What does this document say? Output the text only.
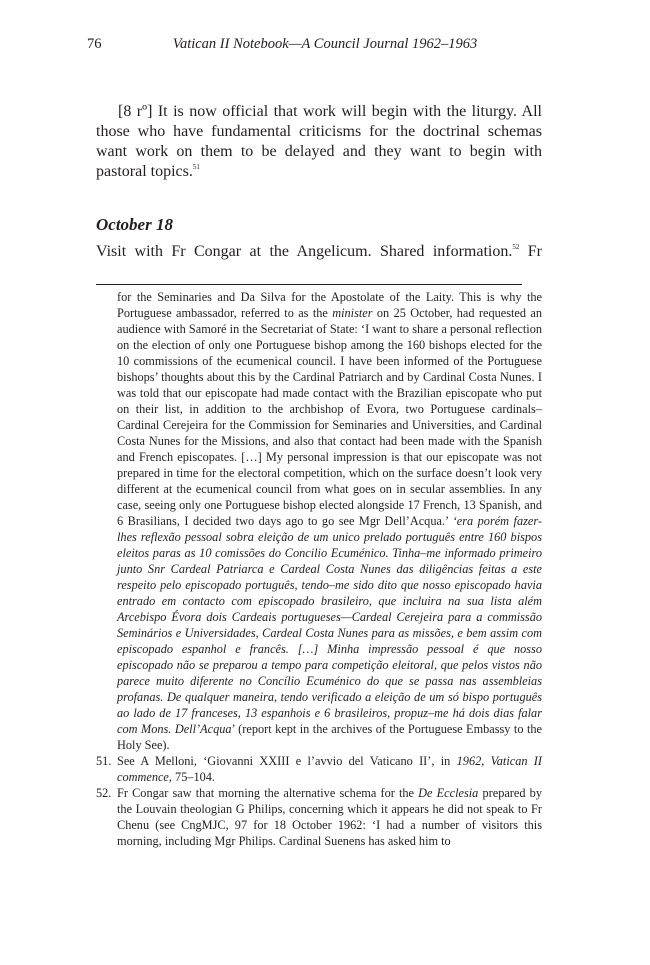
76	Vatican II Notebook—A Council Journal 1962–1963

[8 rº] It is now official that work will begin with the liturgy. All those who have fundamental criticisms for the doctrinal schemas want work on them to be delayed and they want to begin with pastoral topics.$^{51}$

October 18

Visit with Fr Congar at the Angelicum. Shared information.$^{52}$ Fr

for the Seminaries and Da Silva for the Apostolate of the Laity. This is why the Portuguese ambassador, referred to as the minister on 25 October, had requested an audience with Samoré in the Secretariat of State: ‘I want to share a personal reflection on the election of only one Portuguese bishop among the 160 bishops elected for the 10 commissions of the ecumenical council. I have been informed of the Portuguese bishops’ thoughts about this by the Cardinal Patriarch and by Cardinal Costa Nunes. I was told that our episcopate had made contact with the Brazilian episcopate who put on their list, in addition to the archbishop of Evora, two Portuguese cardinals–Cardinal Cerejeira for the Commission for Seminaries and Universities, and Cardinal Costa Nunes for the Missions, and also that contact had been made with the Spanish and French episcopates. […] My personal impression is that our episcopate was not prepared in time for the electoral competition, which on the surface doesn’t look very different at the ecumenical council from what goes on in secular assemblies. In any case, seeing only one Portuguese bishop elected alongside 17 French, 13 Spanish, and 6 Brasilians, I decided two days ago to go see Mgr Dell’Acqua.’ ‘era porém fazer-lhes reflexão pessoal sobra eleição de um unico prelado português entre 160 bispos eleitos paras as 10 comissões do Concilio Ecuménico. Tinha–me informado primeiro junto Snr Cardeal Patriarca e Cardeal Costa Nunes das diligências feitas a este respeito pelo episcopado português, tendo–me sido dito que nosso episcopado havia entrado em contacto com episcopado brasileiro, que incluira na sua lista além Arcebispo Évora dois Cardeais portugueses—Cardeal Cerejeira para a commissão Seminários e Universidades, Cardeal Costa Nunes para as missões, e bem assim com episcopado espanhol e francês. […] Minha impressão pessoal é que nosso episcopado não se preparou a tempo para competição eleitoral, que pelos vistos não parece muito diferente no Concílio Ecuménico do que se passa nas assembleias profanas. De qualquer maneira, tendo verificado a eleição de um só bispo português ao lado de 17 franceses, 13 espanhois e 6 brasileiros, propuz–me há dois dias falar com Mons. Dell’Acqua’ (report kept in the archives of the Portuguese Embassy to the Holy See).

51. See A Melloni, ‘Giovanni XXIII e l’avvio del Vaticano II’, in 1962, Vatican II commence, 75–104.

52. Fr Congar saw that morning the alternative schema for the De Ecclesia prepared by the Louvain theologian G Philips, concerning which it appears he did not speak to Fr Chenu (see CngMJC, 97 for 18 October 1962: ‘I had a number of visitors this morning, including Mgr Philips. Cardinal Suenens has asked him to
